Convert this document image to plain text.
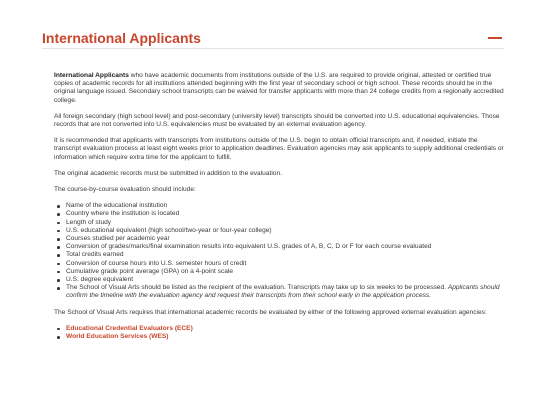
International Applicants

International Applicants who have academic documents from institutions outside of the U.S. are required to provide original, attested or certified true copies of academic records for all institutions attended beginning with the first year of secondary school or high school. These records should be in the original language issued. Secondary school transcripts can be waived for transfer applicants with more than 24 college credits from a regionally accredited college.

All foreign secondary (high school level) and post-secondary (university level) transcripts should be converted into U.S. educational equivalencies. Those records that are not converted into U.S. equivalencies must be evaluated by an external evaluation agency.

It is recommended that applicants with transcripts from institutions outside of the U.S. begin to obtain official transcripts and, if needed, initiate the transcript evaluation process at least eight weeks prior to application deadlines. Evaluation agencies may ask applicants to supply additional credentials or information which require extra time for the applicant to fulfill.

The original academic records must be submitted in addition to the evaluation.

The course-by-course evaluation should include:

Name of the educational institution
Country where the institution is located
Length of study
U.S. educational equivalent (high school/two-year or four-year college)
Courses studied per academic year
Conversion of grades/marks/final examination results into equivalent U.S. grades of A, B, C, D or F for each course evaluated
Total credits earned
Conversion of course hours into U.S. semester hours of credit
Cumulative grade point average (GPA) on a 4-point scale
U.S. degree equivalent
The School of Visual Arts should be listed as the recipient of the evaluation. Transcripts may take up to six weeks to be processed. Applicants should confirm the timeline with the evaluation agency and request their transcripts from their school early in the application process.

The School of Visual Arts requires that international academic records be evaluated by either of the following approved external evaluation agencies:

Educational Credential Evaluators (ECE)
World Education Services (WES)
